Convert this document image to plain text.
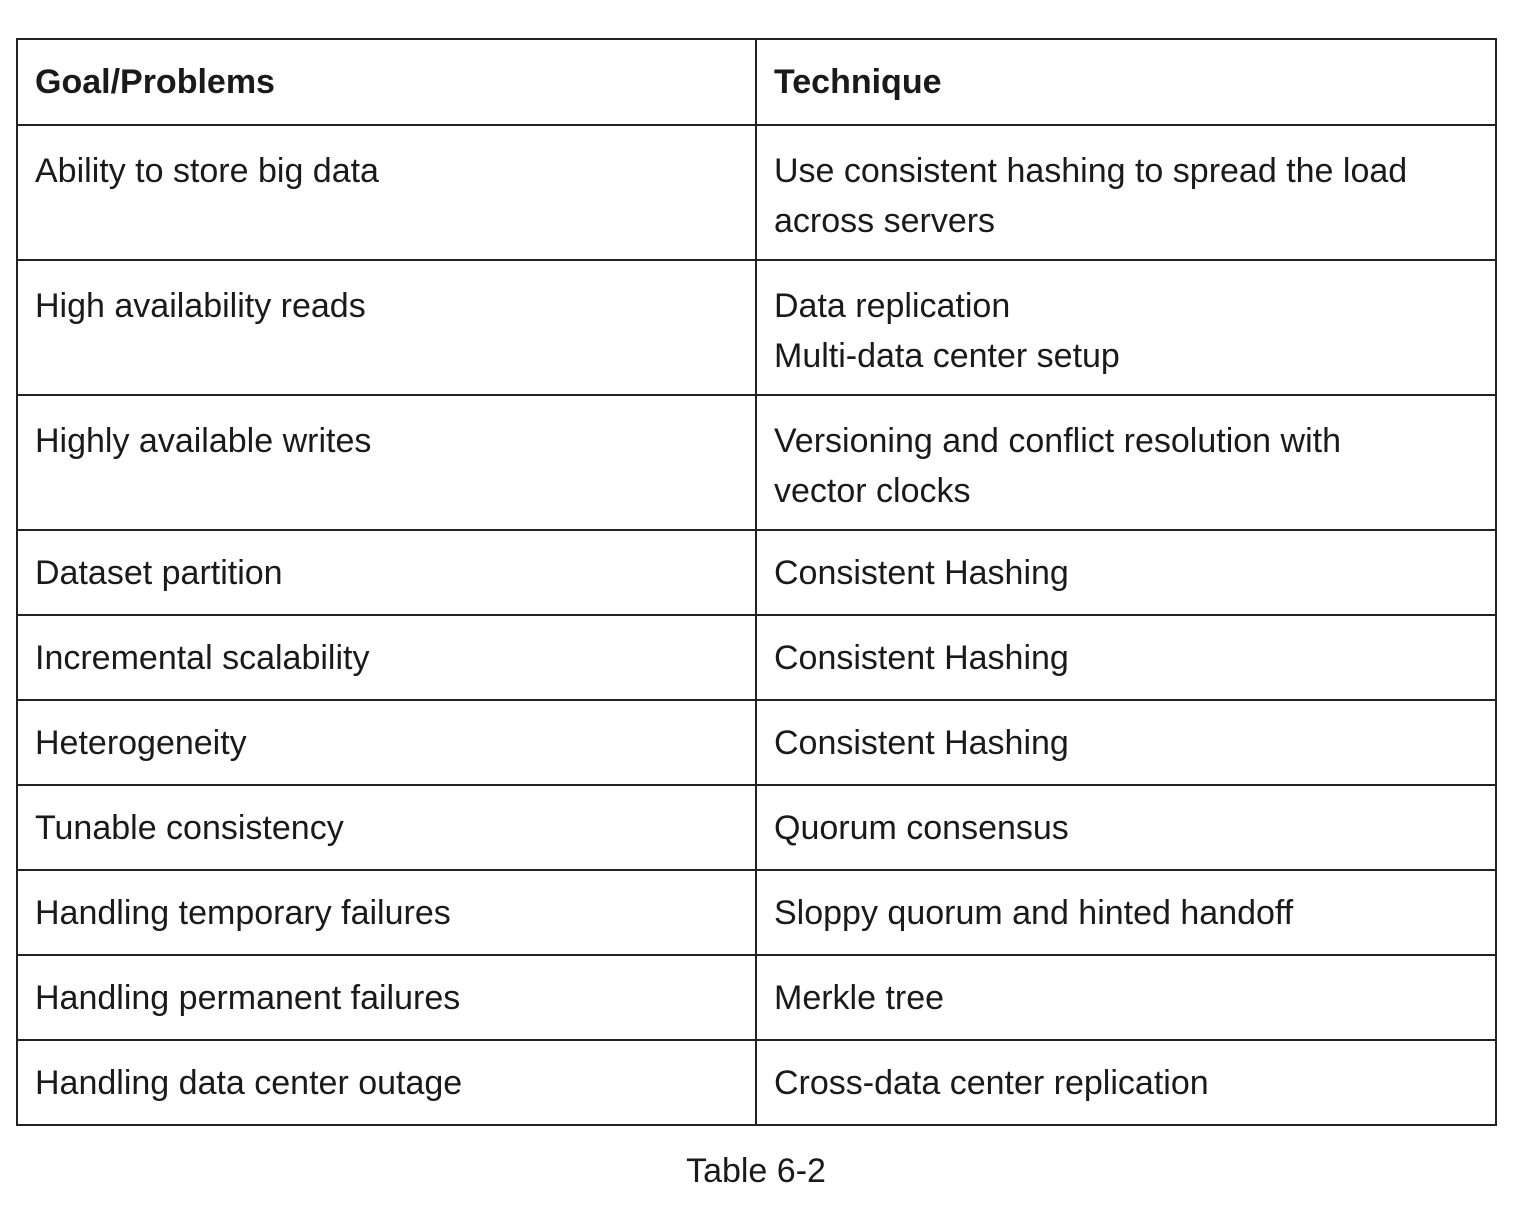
Goal/Problems	Technique
Ability to store big data	Use consistent hashing to spread the load
across servers

High availability reads	Data replication
Multi-data center setup

Highly available writes	Versioning and conflict resolution with
vector clocks

Dataset partition	Consistent Hashing
Incremental scalability	Consistent Hashing
Heterogeneity	Consistent Hashing
Tunable consistency	Quorum consensus
Handling temporary failures	Sloppy quorum and hinted handoff
Handling permanent failures	Merkle tree
Handling data center outage	Cross-data center replication
Table 6-2
